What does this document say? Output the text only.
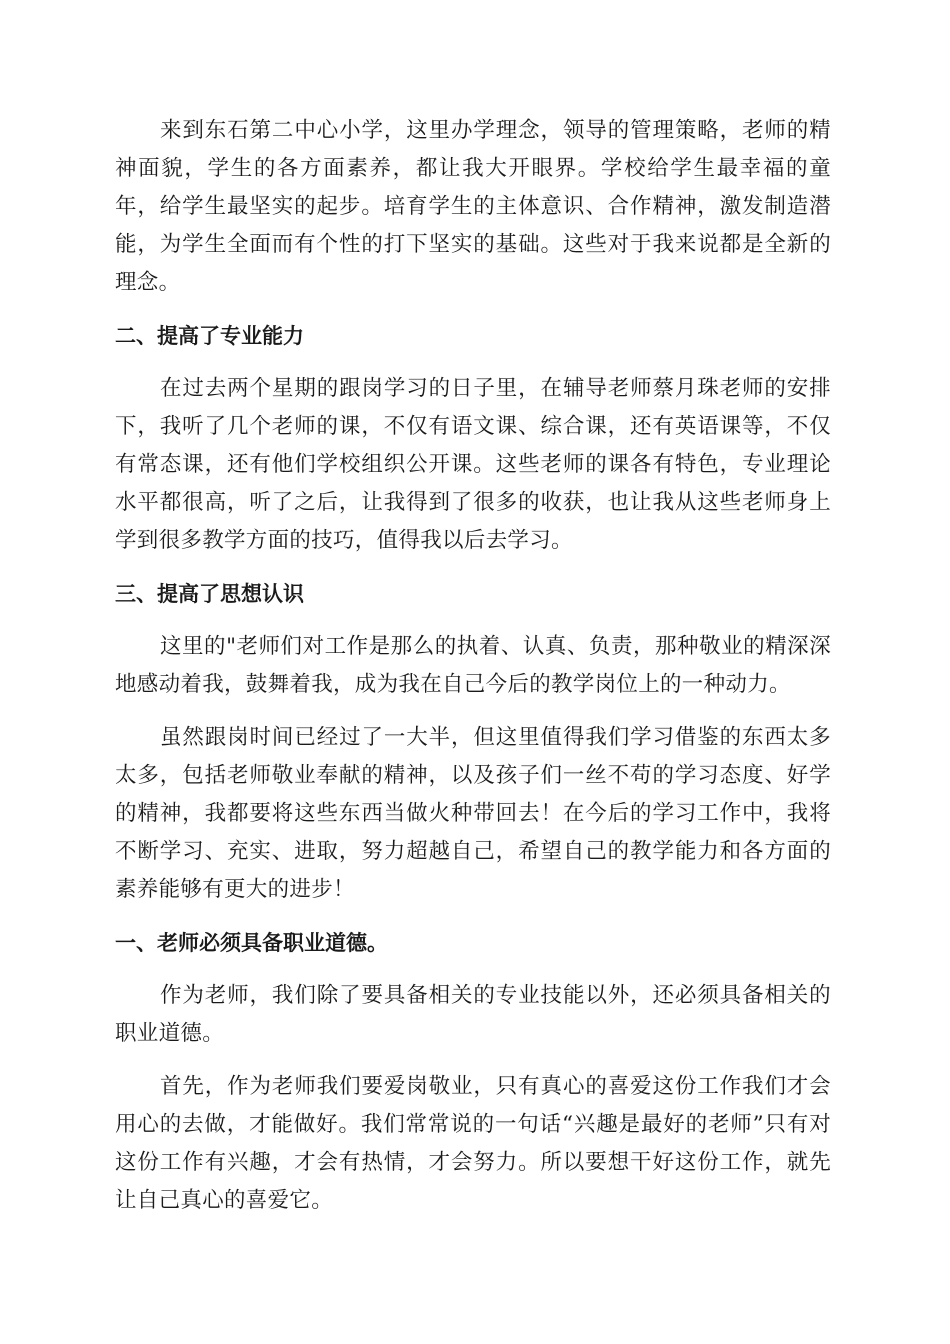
来到东石第二中心小学，这里办学理念，领导的管理策略，老师的精神面貌，学生的各方面素养，都让我大开眼界。学校给学生最幸福的童年，给学生最坚实的起步。培育学生的主体意识、合作精神，激发制造潜能，为学生全面而有个性的打下坚实的基础。这些对于我来说都是全新的理念。

二、提高了专业能力

在过去两个星期的跟岗学习的日子里，在辅导老师蔡月珠老师的安排下，我听了几个老师的课，不仅有语文课、综合课，还有英语课等，不仅有常态课，还有他们学校组织公开课。这些老师的课各有特色，专业理论水平都很高，听了之后，让我得到了很多的收获，也让我从这些老师身上学到很多教学方面的技巧，值得我以后去学习。

三、提高了思想认识

这里的"老师们对工作是那么的执着、认真、负责，那种敬业的精深深地感动着我，鼓舞着我，成为我在自己今后的教学岗位上的一种动力。

虽然跟岗时间已经过了一大半，但这里值得我们学习借鉴的东西太多太多，包括老师敬业奉献的精神，以及孩子们一丝不苟的学习态度、好学的精神，我都要将这些东西当做火种带回去！在今后的学习工作中，我将不断学习、充实、进取，努力超越自己，希望自己的教学能力和各方面的素养能够有更大的进步！

一、老师必须具备职业道德。

作为老师，我们除了要具备相关的专业技能以外，还必须具备相关的职业道德。

首先，作为老师我们要爱岗敬业，只有真心的喜爱这份工作我们才会用心的去做，才能做好。我们常常说的一句话“兴趣是最好的老师”只有对这份工作有兴趣，才会有热情，才会努力。所以要想干好这份工作，就先让自己真心的喜爱它。
